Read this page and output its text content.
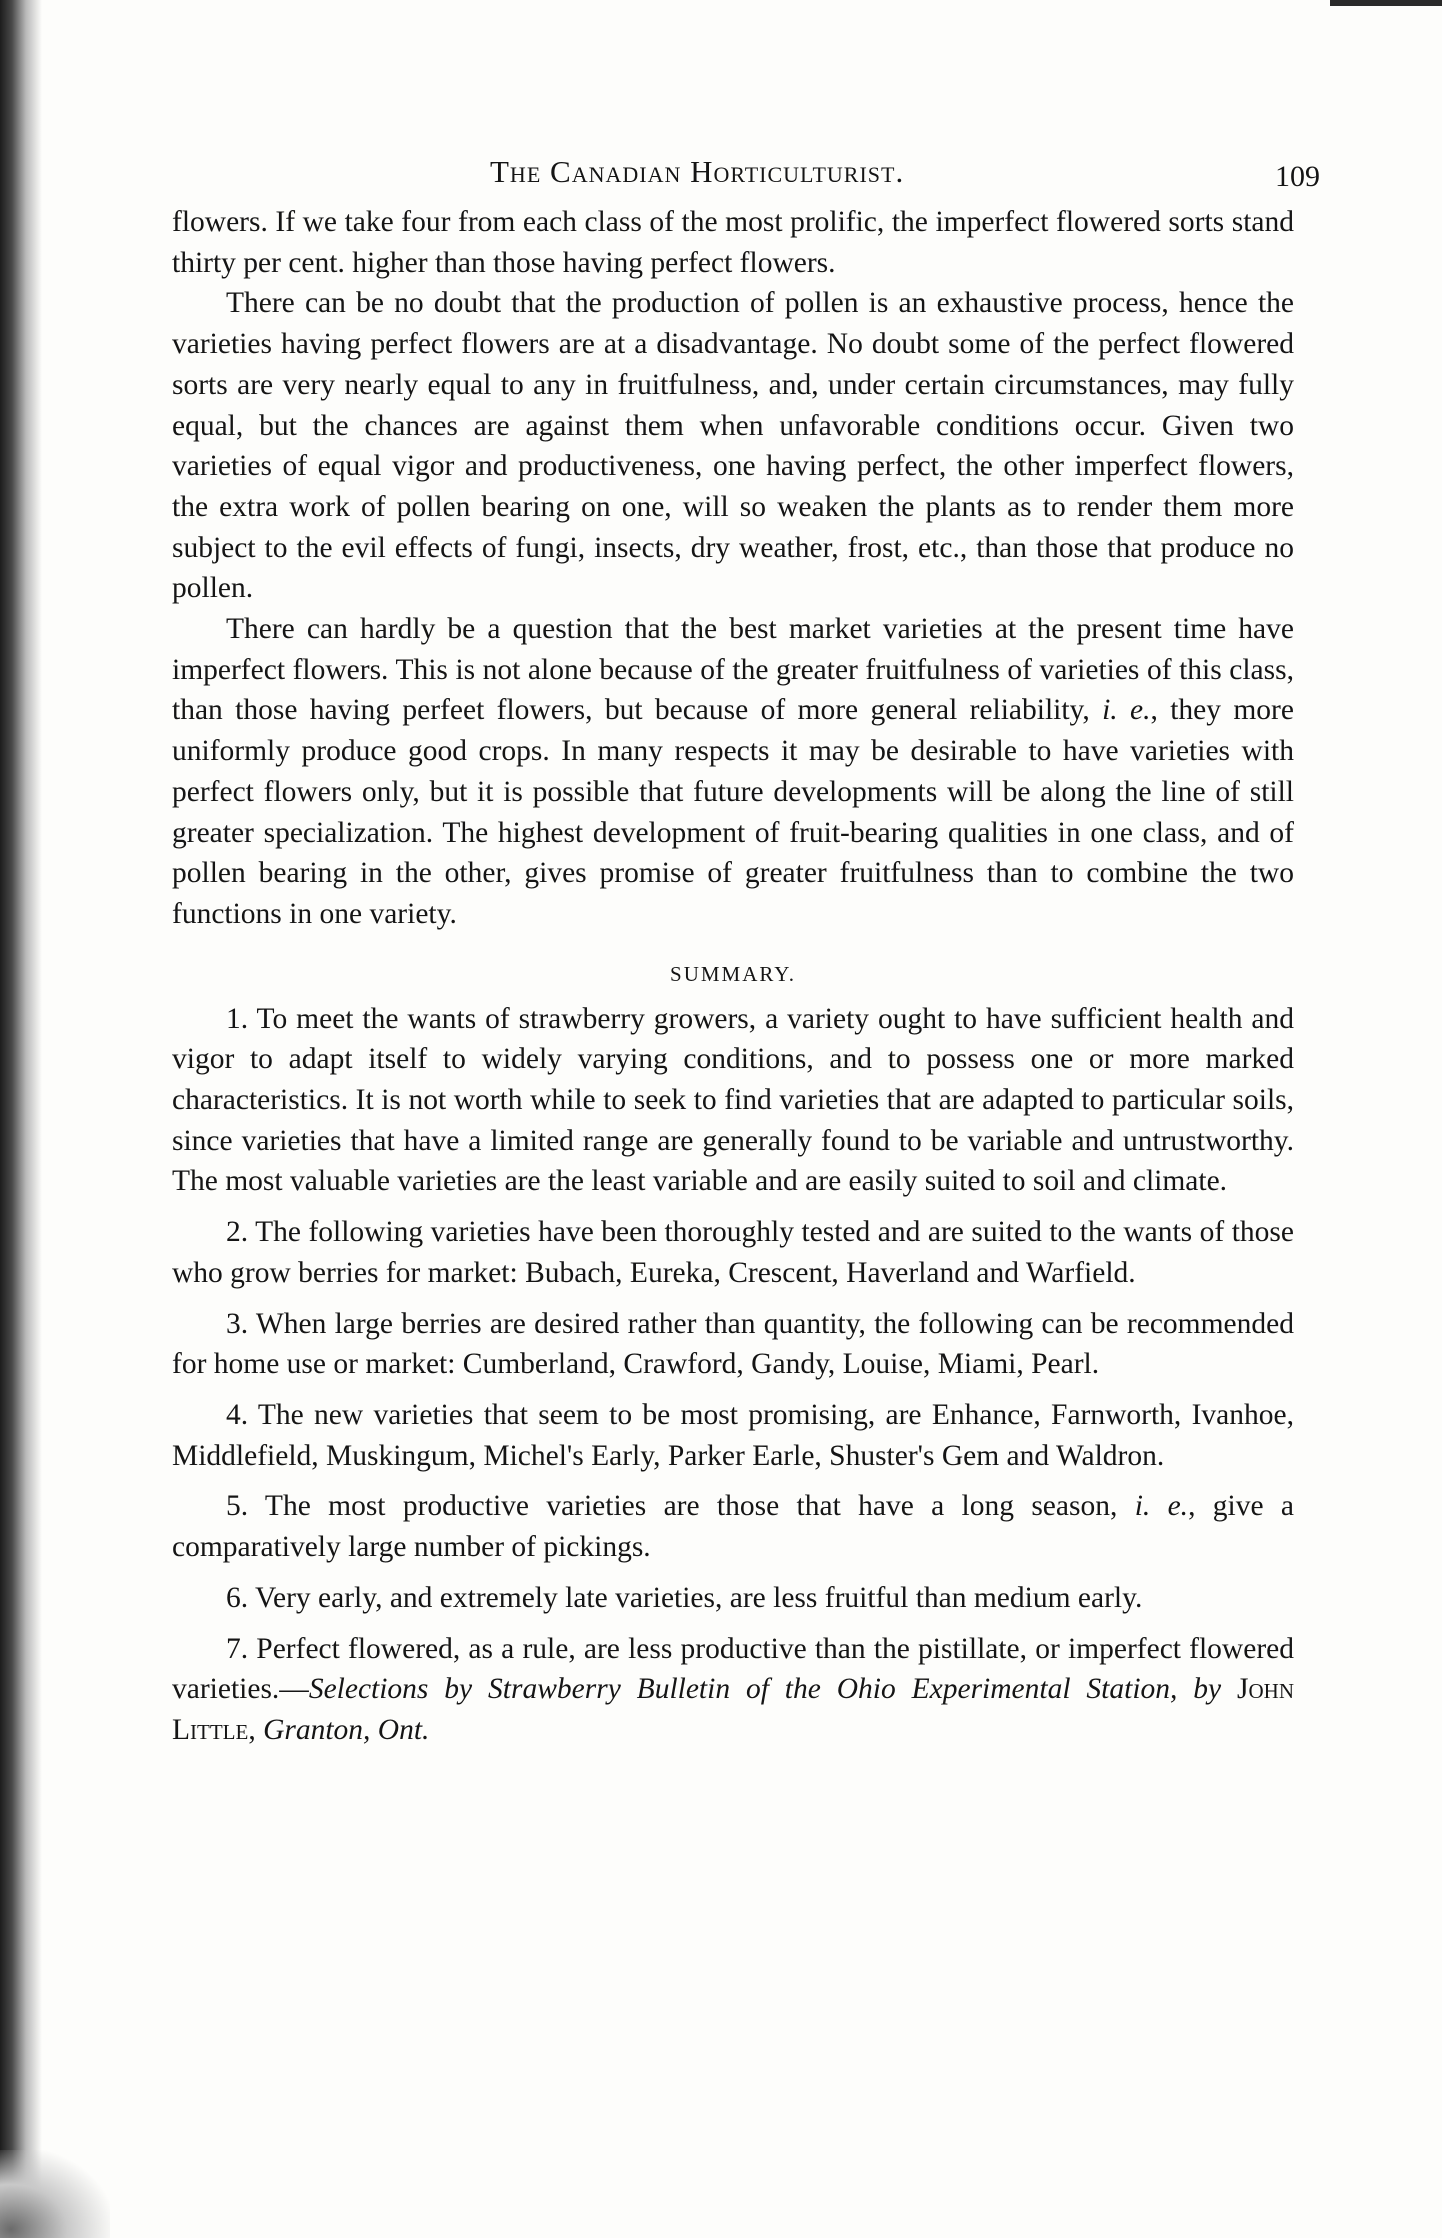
The Canadian Horticulturist.	109

flowers. If we take four from each class of the most prolific, the imperfect flowered sorts stand thirty per cent. higher than those having perfect flowers.

There can be no doubt that the production of pollen is an exhaustive process, hence the varieties having perfect flowers are at a disadvantage. No doubt some of the perfect flowered sorts are very nearly equal to any in fruitfulness, and, under certain circumstances, may fully equal, but the chances are against them when unfavorable conditions occur. Given two varieties of equal vigor and productiveness, one having perfect, the other imperfect flowers, the extra work of pollen bearing on one, will so weaken the plants as to render them more subject to the evil effects of fungi, insects, dry weather, frost, etc., than those that produce no pollen.

There can hardly be a question that the best market varieties at the present time have imperfect flowers. This is not alone because of the greater fruitfulness of varieties of this class, than those having perfeet flowers, but because of more general reliability, i. e., they more uniformly produce good crops. In many respects it may be desirable to have varieties with perfect flowers only, but it is possible that future developments will be along the line of still greater specialization. The highest development of fruit-bearing qualities in one class, and of pollen bearing in the other, gives promise of greater fruitfulness than to combine the two functions in one variety.

SUMMARY.

1. To meet the wants of strawberry growers, a variety ought to have sufficient health and vigor to adapt itself to widely varying conditions, and to possess one or more marked characteristics. It is not worth while to seek to find varieties that are adapted to particular soils, since varieties that have a limited range are generally found to be variable and untrustworthy. The most valuable varieties are the least variable and are easily suited to soil and climate.

2. The following varieties have been thoroughly tested and are suited to the wants of those who grow berries for market: Bubach, Eureka, Crescent, Haverland and Warfield.

3. When large berries are desired rather than quantity, the following can be recommended for home use or market: Cumberland, Crawford, Gandy, Louise, Miami, Pearl.

4. The new varieties that seem to be most promising, are Enhance, Farnworth, Ivanhoe, Middlefield, Muskingum, Michel's Early, Parker Earle, Shuster's Gem and Waldron.

5. The most productive varieties are those that have a long season, i. e., give a comparatively large number of pickings.

6. Very early, and extremely late varieties, are less fruitful than medium early.

7. Perfect flowered, as a rule, are less productive than the pistillate, or imperfect flowered varieties.—Selections by Strawberry Bulletin of the Ohio Experimental Station, by John Little, Granton, Ont.
